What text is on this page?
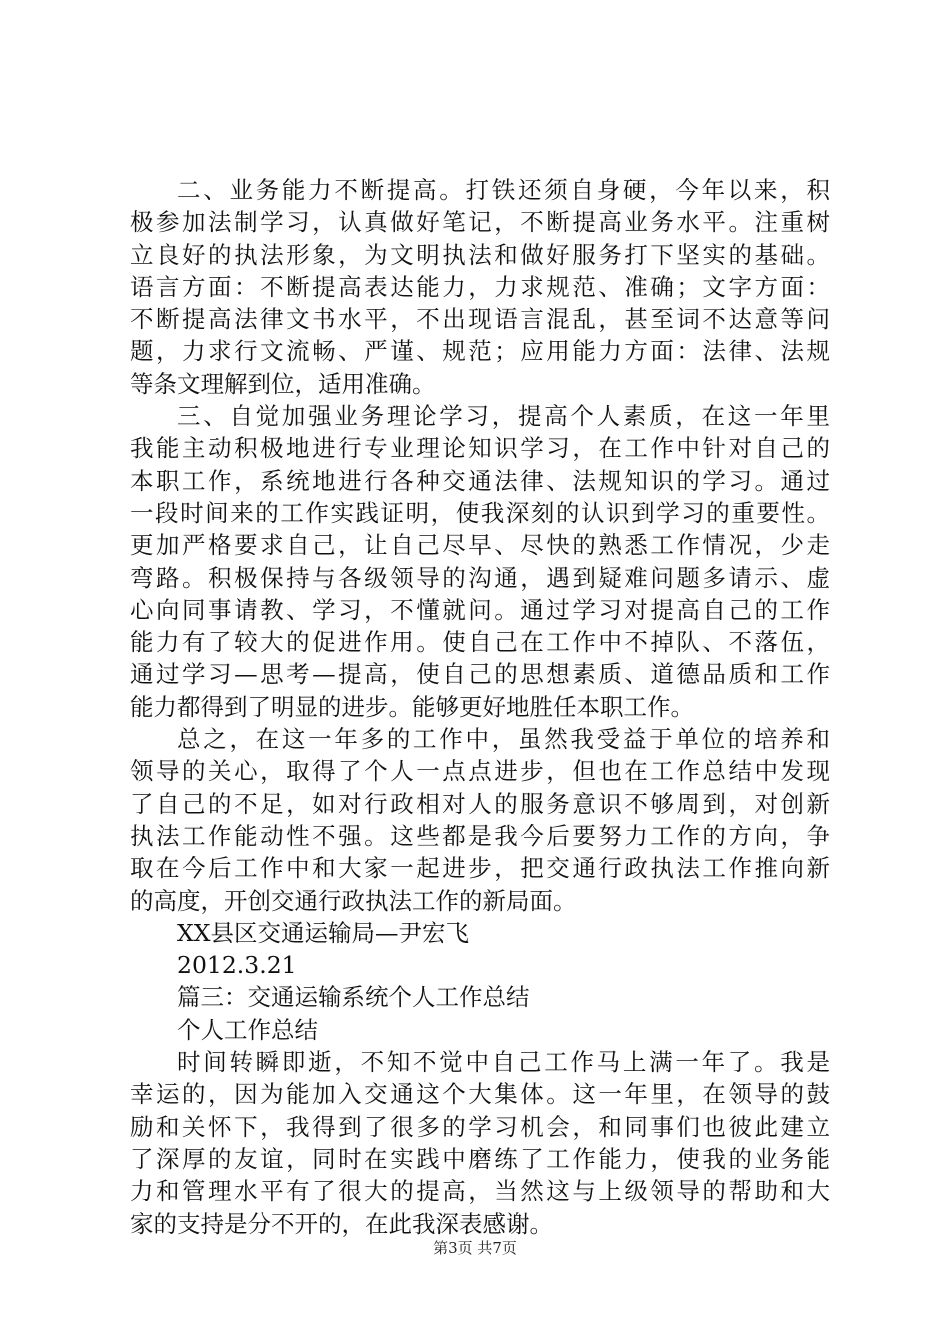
二、业务能力不断提高。打铁还须自身硬，今年以来，积
极参加法制学习，认真做好笔记，不断提高业务水平。注重树
立良好的执法形象，为文明执法和做好服务打下坚实的基础。
语言方面：不断提高表达能力，力求规范、准确；文字方面：
不断提高法律文书水平，不出现语言混乱，甚至词不达意等问
题，力求行文流畅、严谨、规范；应用能力方面：法律、法规
等条文理解到位，适用准确。
三、自觉加强业务理论学习，提高个人素质，在这一年里
我能主动积极地进行专业理论知识学习，在工作中针对自己的
本职工作，系统地进行各种交通法律、法规知识的学习。通过
一段时间来的工作实践证明，使我深刻的认识到学习的重要性。
更加严格要求自己，让自己尽早、尽快的熟悉工作情况，少走
弯路。积极保持与各级领导的沟通，遇到疑难问题多请示、虚
心向同事请教、学习，不懂就问。通过学习对提高自己的工作
能力有了较大的促进作用。使自己在工作中不掉队、不落伍，
通过学习—思考—提高，使自己的思想素质、道德品质和工作
能力都得到了明显的进步。能够更好地胜任本职工作。
总之，在这一年多的工作中，虽然我受益于单位的培养和
领导的关心，取得了个人一点点进步，但也在工作总结中发现
了自己的不足，如对行政相对人的服务意识不够周到，对创新
执法工作能动性不强。这些都是我今后要努力工作的方向，争
取在今后工作中和大家一起进步，把交通行政执法工作推向新
的高度，开创交通行政执法工作的新局面。
XX县区交通运输局—尹宏飞
2012.3.21
篇三：交通运输系统个人工作总结
个人工作总结
时间转瞬即逝，不知不觉中自己工作马上满一年了。我是
幸运的，因为能加入交通这个大集体。这一年里，在领导的鼓
励和关怀下，我得到了很多的学习机会，和同事们也彼此建立
了深厚的友谊，同时在实践中磨练了工作能力，使我的业务能
力和管理水平有了很大的提高，当然这与上级领导的帮助和大
家的支持是分不开的，在此我深表感谢。
第3页 共7页
